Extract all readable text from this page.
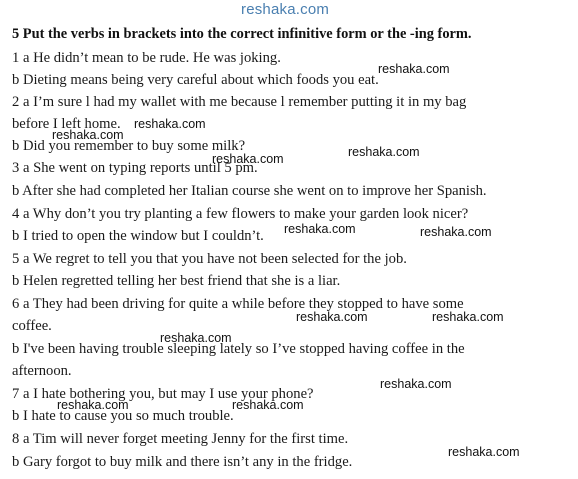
reshaka.com
5 Put the verbs in brackets into the correct infinitive form or the -ing form.
1 a He didn’t mean to be rude. He was joking.
b Dieting means being very careful about which foods you eat.
2 a I’m sure l had my wallet with me because l remember putting it in my bag
before I left home.
b Did you remember to buy some milk?
3 a She went on typing reports until 5 pm.
b After she had completed her Italian course she went on to improve her Spanish.
4 a Why don’t you try planting a few flowers to make your garden look nicer?
b I tried to open the window but I couldn’t.
5 a We regret to tell you that you have not been selected for the job.
b Helen regretted telling her best friend that she is a liar.
6 a They had been driving for quite a while before they stopped to have some
coffee.
b I've been having trouble sleeping lately so I’ve stopped having coffee in the
afternoon.
7 a I hate bothering you, but may I use your phone?
b I hate to cause you so much trouble.
8 a Tim will never forget meeting Jenny for the first time.
b Gary forgot to buy milk and there isn’t any in the fridge.
reshaka.com
reshaka.com
reshaka.com
reshaka.com
reshaka.com
reshaka.com	reshaka.com
reshaka.com	reshaka.com
reshaka.com
reshaka.com
reshaka.com
reshaka.com
reshaka.com
